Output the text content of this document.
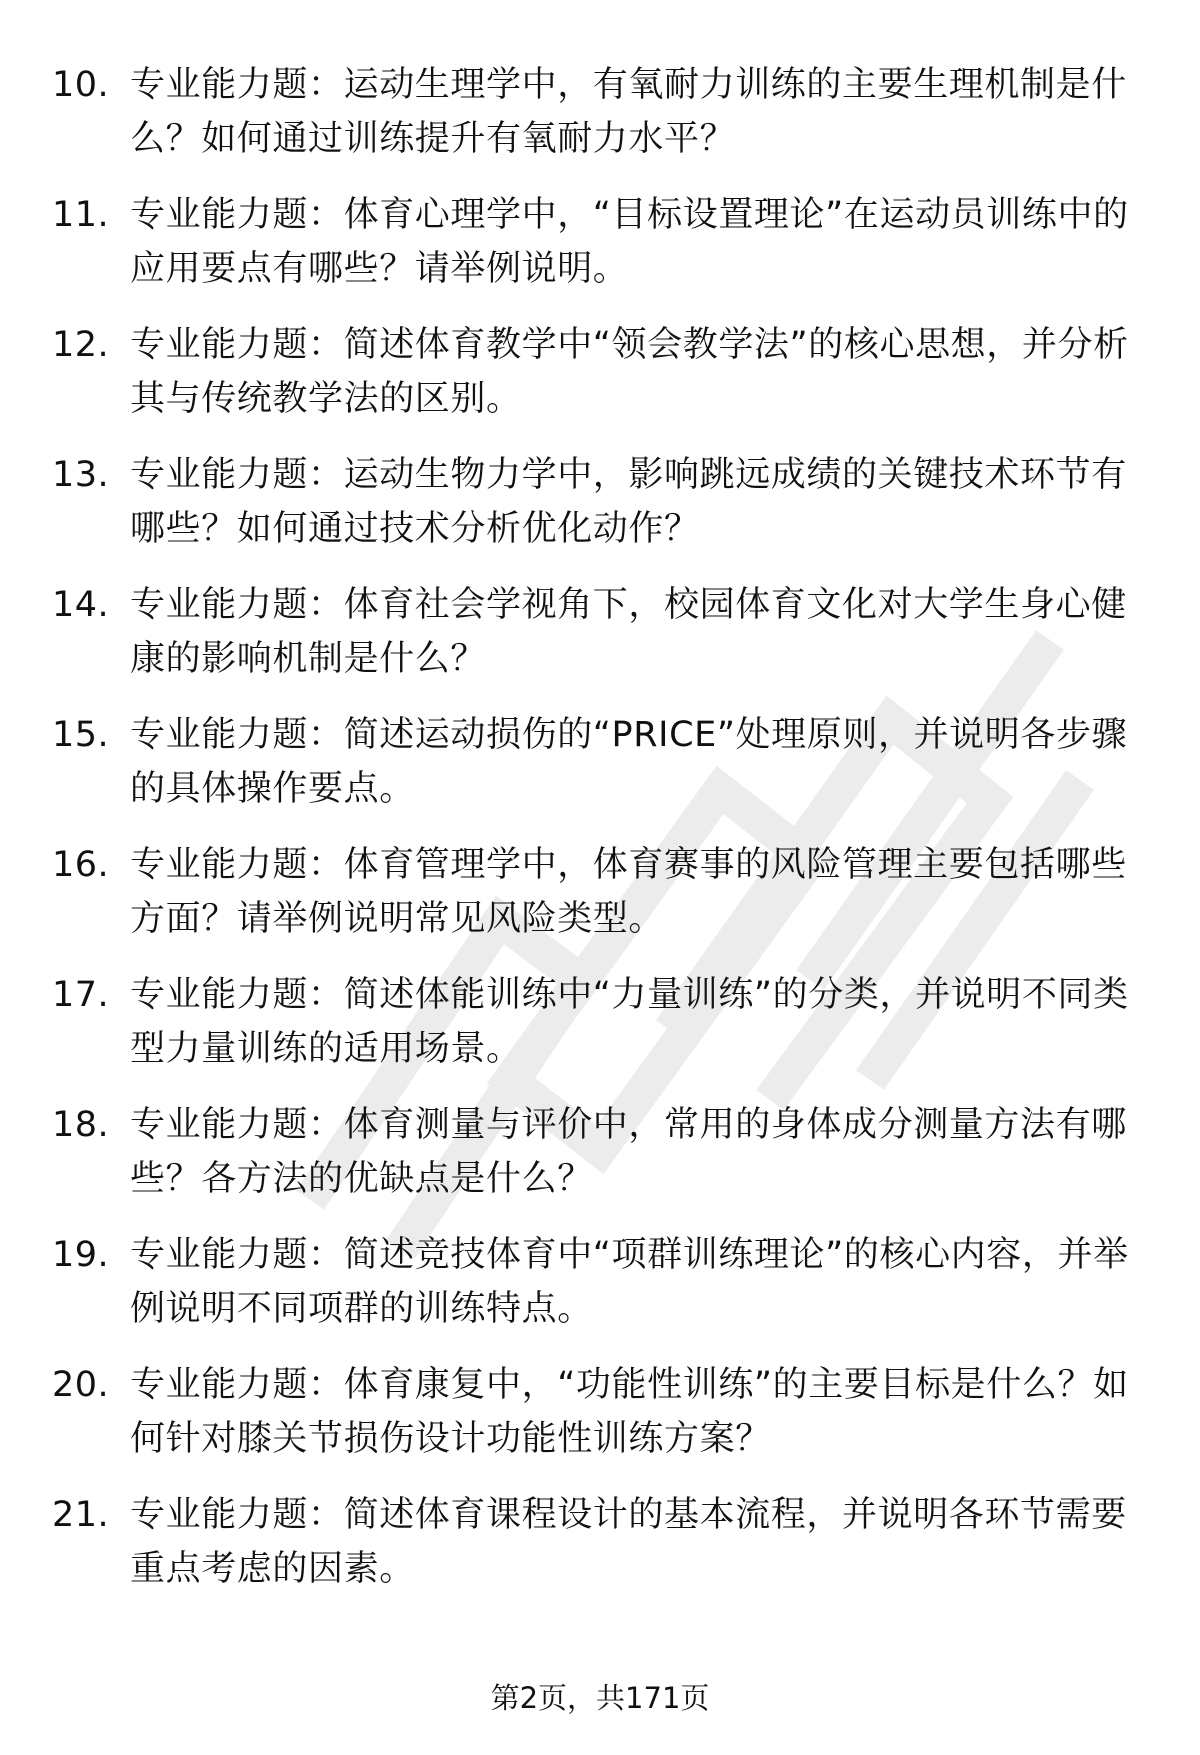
10. 专业能力题：运动生理学中，有氧耐力训练的主要生理机制是什么？如何通过训练提升有氧耐力水平？
11. 专业能力题：体育心理学中，“目标设置理论”在运动员训练中的应用要点有哪些？请举例说明。
12. 专业能力题：简述体育教学中“领会教学法”的核心思想，并分析其与传统教学法的区别。
13. 专业能力题：运动生物力学中，影响跳远成绩的关键技术环节有哪些？如何通过技术分析优化动作？
14. 专业能力题：体育社会学视角下，校园体育文化对大学生身心健康的影响机制是什么？
15. 专业能力题：简述运动损伤的“PRICE”处理原则，并说明各步骤的具体操作要点。
16. 专业能力题：体育管理学中，体育赛事的风险管理主要包括哪些方面？请举例说明常见风险类型。
17. 专业能力题：简述体能训练中“力量训练”的分类，并说明不同类型力量训练的适用场景。
18. 专业能力题：体育测量与评价中，常用的身体成分测量方法有哪些？各方法的优缺点是什么？
19. 专业能力题：简述竞技体育中“项群训练理论”的核心内容，并举例说明不同项群的训练特点。
20. 专业能力题：体育康复中，“功能性训练”的主要目标是什么？如何针对膝关节损伤设计功能性训练方案？
21. 专业能力题：简述体育课程设计的基本流程，并说明各环节需要重点考虑的因素。
第2页，共171页
